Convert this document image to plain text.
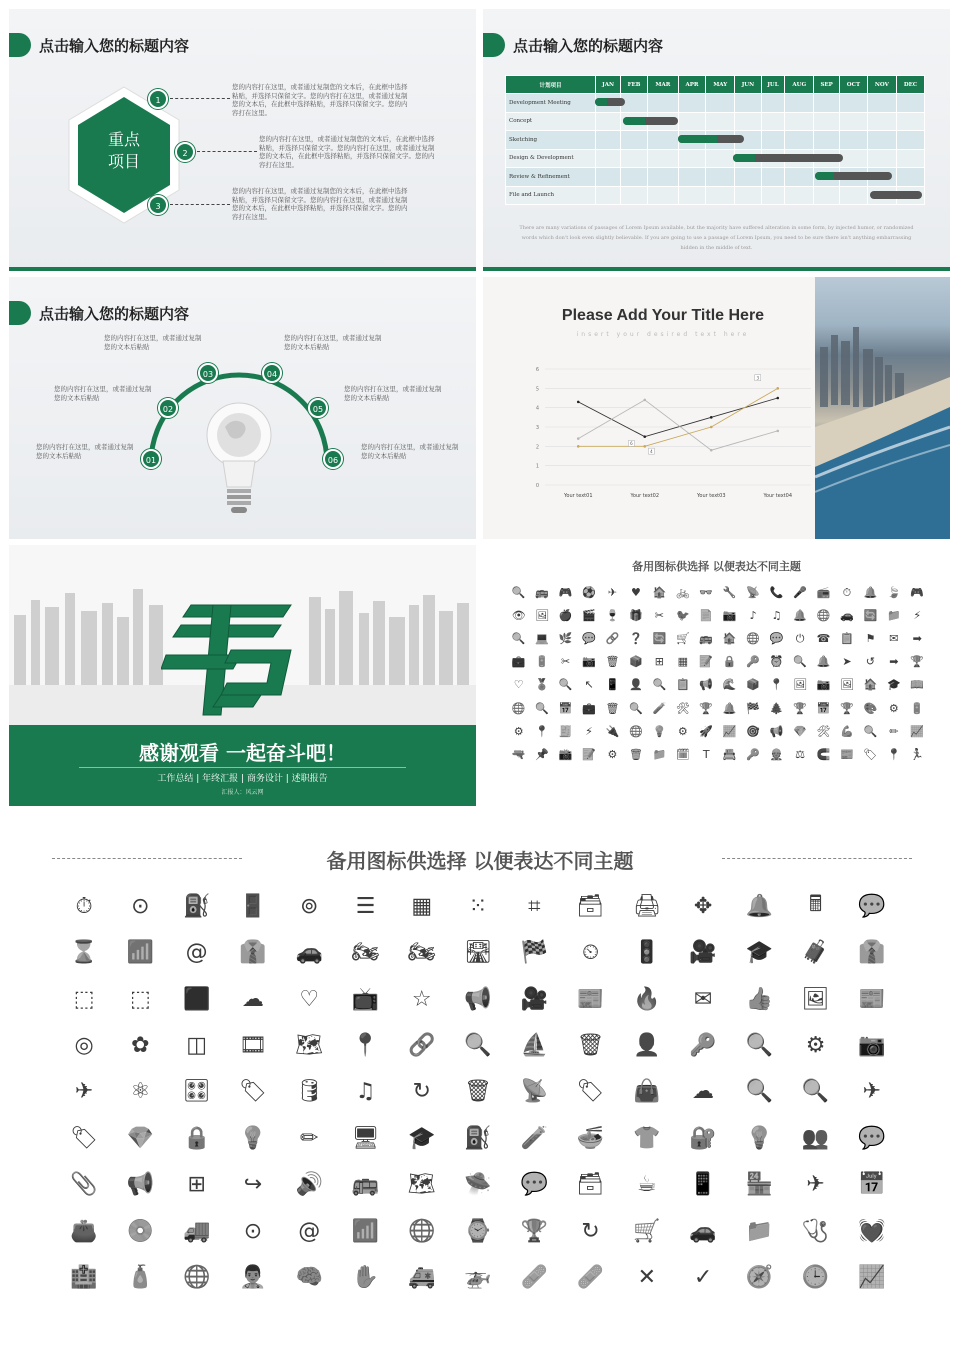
点击输入您的标题内容
重点
项目
1
2
3
您的内容打在这里，或者通过复制您的文本后，在此框中选择粘贴，并选择只保留文字。您的内容打在这里，或者通过复制您的文本后，在此框中选择粘贴，并选择只保留文字。您的内容打在这里。
您的内容打在这里，或者通过复制您的文本后，在此框中选择粘贴，并选择只保留文字。您的内容打在这里，或者通过复制您的文本后，在此框中选择粘贴，并选择只保留文字。您的内容打在这里。
您的内容打在这里，或者通过复制您的文本后，在此框中选择粘贴，并选择只保留文字。您的内容打在这里，或者通过复制您的文本后，在此框中选择粘贴，并选择只保留文字。您的内容打在这里。
点击输入您的标题内容
计划项目	JAN	FEB	MAR	APR	MAY	JUN	JUL	AUG	SEP	OCT	NOV	DEC
Development Meeting												
Concept												
Sketching												
Design & Development												
Review & Refinement												
File and Launch												
There are many variations of passages of Lorem Ipsum available, but the majority have suffered alteration in some form, by injected humor, or randomized words which don't look even slightly believable. If you are going to use a passage of Lorem Ipsum, you need to be sure there isn't anything embarrassing hidden in the middle of text.
点击输入您的标题内容
01
02
03	04
05
06
您的内容打在这里，或者通过复制您的文本后粘贴
您的内容打在这里，或者通过复制您的文本后粘贴
您的内容打在这里，或者通过复制您的文本后粘贴
您的内容打在这里，或者通过复制您的文本后粘贴
您的内容打在这里，或者通过复制您的文本后粘贴
您的内容打在这里，或者通过复制您的文本后粘贴
Please Add Your Title Here
insert your desired text here
0
1
2
3
4
5
6
Your text01	Your text02	Your text03	Your text04
6
3
4
感谢观看 一起奋斗吧！
工作总结 | 年终汇报 | 商务设计 | 述职报告
汇报人：风云网
备用图标供选择 以便表达不同主题
🔍 🚌 🎮 ⚽	✈	♥	🏠 🚲 👓 🔧 📡 📞 🎤 📻	⏱	🔔 🍃 🎮
👁 🖼 🍎 🎬 🍷 🎁	✂	🐦 📄 📷	♪	♫	🔔 🌐 🚗 🔄 📁	⚡
🔍 💻 🌿 💬 🔗 ❓ 🔄 🛒 🚌 🏠 🌐 💬	⏻	☎ 📋	⚑	✉	➡
💼 🔋	✂	📷 🗑 📦	⊞	▦	📝 🔒 🔑 ⏰ 🔍 🔔	➤	↺	➡	🏆
♡	🏅 🔍	↖	📱 👤 🔍 📋 📢 🌊 📦 📍 🖼 📷 🖼 🏠 🎓 📖
🌐 🔍 📅 💼 🗑 🔍 🧪 🛠 🏆 🔔 🏁 🌲 🏆 📅 🏆 🎨	⚙	🔋
⚙	📍 🧾	⚡	🔌 🌐 💡	⚙	🚀 📈 🎯 📢 💎 🛠 💪 🔍	✏	📈
🔫 📌 📸 📝	⚙	🗑 📁 🗓	T	📇 🔑 👷	⚖	🧲 📰 🏷 📍 🏃
备用图标供选择 以便表达不同主题
⏱	⊙	⛽	🚪	⊚	☰	▦	⁙	⌗	🗃	🖨	✥	🔔	🖩	💬
⌛	📶	@	👔	🚗	🏍	🏍	🛣	🏁	⏲	🚦	🎥	🎓	🧳	👔
⬚	⬚	⬛	☁	♡	📺	☆	📢	🎥	📰	🔥	✉	👍	🖼	📰
◎	✿	◫	🎞	🗺	📍	🔗	🔍	⛵	🗑	👤	🔑	🔍	⚙	📷
✈	⚛	🎛	🏷	🛢	♫	↻	🗑	📡	🏷	👜	☁	🔍	🔍	✈
🏷	💎	🔒	💡	✏	🖥	🎓	⛽	🧪	🍜	👕	🔐	💡	👥	💬
📎	📢	⊞	↪	🔊	🚌	🗺	🛸	💬	🗃	☕	📱	🏪	✈	📅
👛	💿	🚚	⊙	@	📶	🌐	⌚	🏆	↻	🛒	🚗	📁	🩺	💓
🏥	🧴	🌐	👨‍⚕️	🧠	✋	🚑	🚁	🩹	🩹	✕	✓	🧭	🕒	📈
